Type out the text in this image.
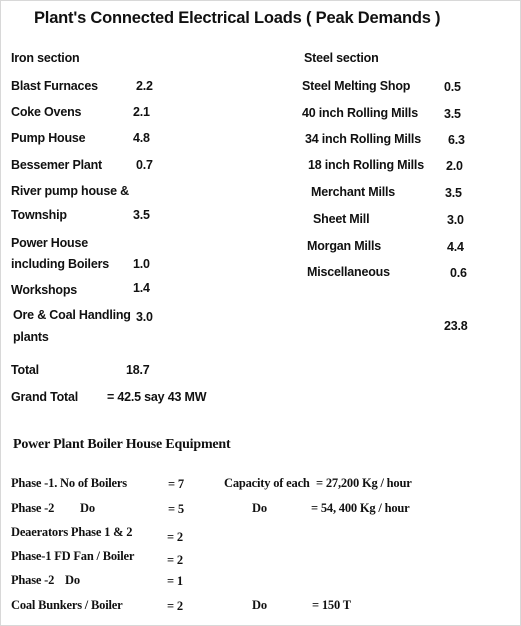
Plant's Connected Electrical Loads ( Peak Demands )
Iron section
Blast Furnaces	2.2
Coke Ovens	2.1
Pump House	4.8
Bessemer Plant	0.7
River pump house &
Township	3.5
Power House
including Boilers 1.0
Workshops	1.4
Ore & Coal Handling
plants
3.0
Total	18.7
Grand Total = 42.5 say 43 MW
Steel section
Steel Melting Shop	0.5
40 inch Rolling Mills 3.5
34 inch Rolling Mills 6.3
18 inch Rolling Mills 2.0
Merchant Mills	3.5
Sheet Mill	3.0
Morgan Mills	4.4
Miscellaneous	0.6
23.8
Power Plant Boiler House Equipment
Phase -1. No of Boilers	= 7	Capacity of each = 27,200 Kg / hour
Phase -2 Do	= 5	Do	= 54, 400 Kg / hour
Deaerators Phase 1 & 2	= 2
Phase-1 FD Fan / Boiler	= 2
Phase -2 Do	= 1
Coal Bunkers / Boiler	= 2	Do	= 150 T
